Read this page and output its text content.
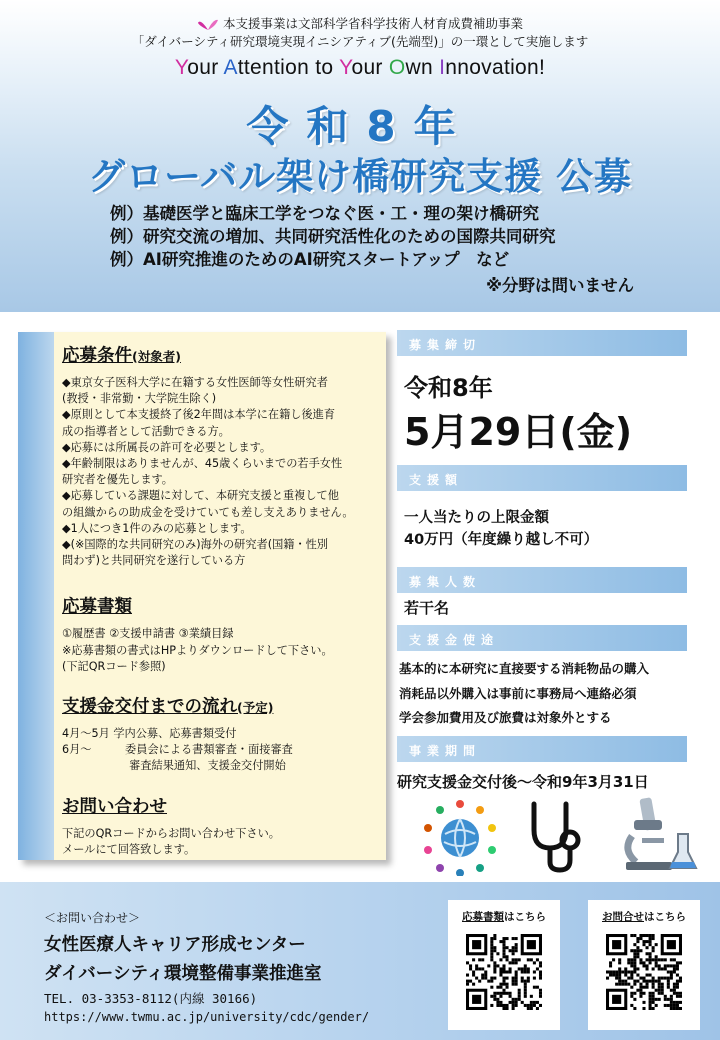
本支援事業は文部科学省科学技術人材育成費補助事業
「ダイバーシティ研究環境実現イニシアティブ(先端型)」の一環として実施します
Your Attention to Your Own Innovation!
令和8年
グローバル架け橋研究支援 公募
例）基礎医学と臨床工学をつなぐ医・工・理の架け橋研究
例）研究交流の増加、共同研究活性化のための国際共同研究
例）AI研究推進のためのAI研究スタートアップ　など
※分野は問いません
応募条件(対象者)
◆東京女子医科大学に在籍する女性医師等女性研究者
(教授・非常勤・大学院生除く)
◆原則として本支援終了後2年間は本学に在籍し後進育
成の指導者として活動できる方。
◆応募には所属長の許可を必要とします。
◆年齢制限はありませんが、45歳くらいまでの若手女性
研究者を優先します。
◆応募している課題に対して、本研究支援と重複して他
の組織からの助成金を受けていても差し支えありません。
◆1人につき1件のみの応募とします。
◆(※国際的な共同研究のみ)海外の研究者(国籍・性別
問わず)と共同研究を遂行している方
応募書類
①履歴書 ②支援申請書 ③業績目録
※応募書類の書式はHPよりダウンロードして下さい。
(下記QRコード参照)
支援金交付までの流れ(予定)
4月～5月 学内公募、応募書類受付
6月～　　　委員会による書類審査・面接審査
　　　　　　審査結果通知、支援金交付開始
お問い合わせ
下記のQRコードからお問い合わせ下さい。
メールにて回答致します。
募集締切
令和8年
5月29日(金)
支援額
一人当たりの上限金額
40万円（年度繰り越し不可）
募集人数
若干名
支援金使途
基本的に本研究に直接要する消耗物品の購入
消耗品以外購入は事前に事務局へ連絡必須
学会参加費用及び旅費は対象外とする
事業期間
研究支援金交付後～令和9年3月31日
＜お問い合わせ＞
女性医療人キャリア形成センター
ダイバーシティ環境整備事業推進室
TEL. 03-3353-8112(内線 30166)
https://www.twmu.ac.jp/university/cdc/gender/
応募書類はこちら	お問合せはこちら
